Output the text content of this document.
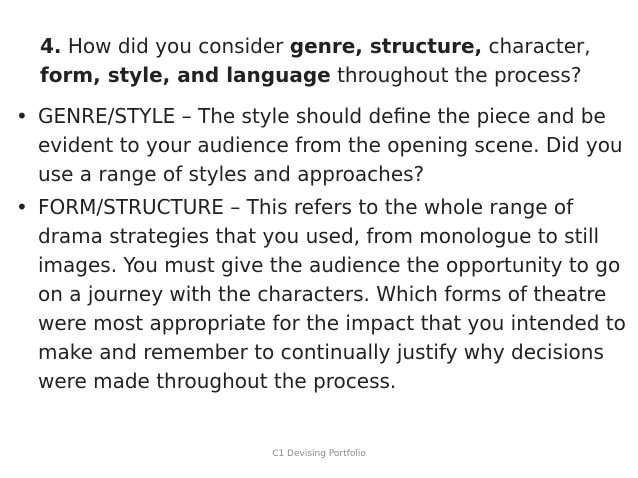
4. How did you consider genre, structure, character,
form, style, and language throughout the process?

• GENRE/STYLE – The style should define the piece and be evident to your audience from the opening scene. Did you use a range of styles and approaches?
• FORM/STRUCTURE – This refers to the whole range of drama strategies that you used, from monologue to still images. You must give the audience the opportunity to go on a journey with the characters. Which forms of theatre were most appropriate for the impact that you intended to make and remember to continually justify why decisions were made throughout the process.
C1 Devising Portfolio
